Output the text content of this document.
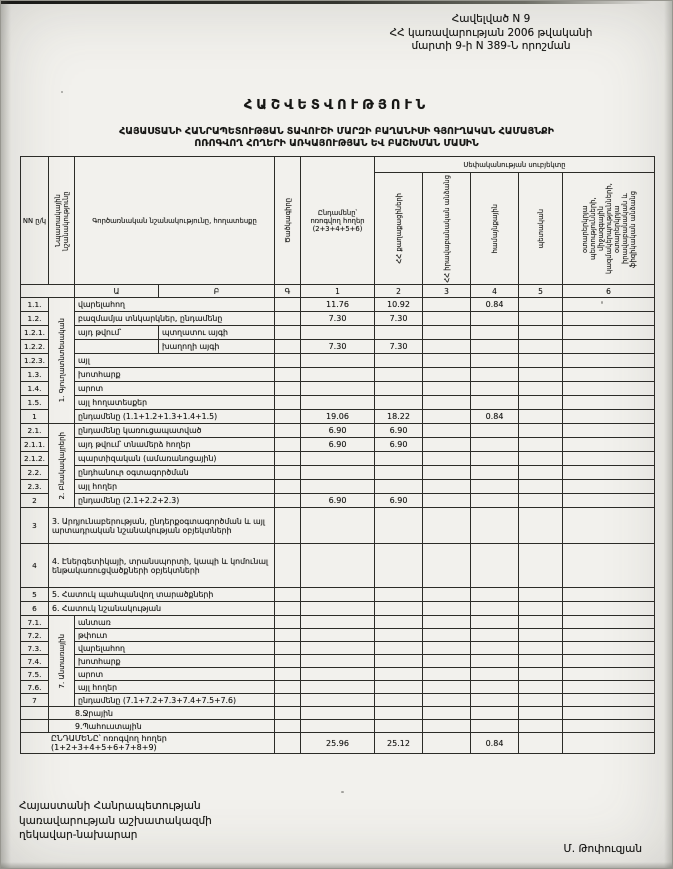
Հավելված N 9
ՀՀ կառավարության 2006 թվականի
մարտի 9-ի N 389-Ն որոշման
ՀԱՇՎԵՏՎՈՒԹՅՈՒՆ
ՀԱՅԱՍՏԱՆԻ ՀԱՆՐԱՊԵՏՈՒԹՅԱՆ ՏԱՎՈՒՇԻ ՄԱՐԶԻ ԲԱՂԱՆԻՍԻ ԳՅՈՒՂԱԿԱՆ ՀԱՄԱՅՆՔԻ
ՈՌՈԳՎՈՂ ՀՈՂԵՐԻ ԱՌԿԱՅՈՒԹՅԱՆ ԵՎ ԲԱՇԽՄԱՆ ՄԱՍԻՆ
NN ը/կ	Նպատակային նշանակությունը	Գործառնական նշանակությունը, հողատեսքը		Ծածկագիրը	Ընդամենը՝ ոռոգվող հողեր (2+3+4+5+6)	Սեփականության սուբյեկտը				

						ՀՀ քաղաքացիների	ՀՀ իրավաբանական անձանց	համայնքային	պետական	օտարերկրյա պետությունների, միջազգային կազմակերպությունների, օտարերկրյա իրավաբանական և ֆիզիկական անձանց

		Ա	Բ	Գ	1	2	3	4	5	6
1.1.	1. Գյուղատնտեսական	վարելահող			11.76	10.92		0.84		
1.2.		բազմամյա տնկարկներ, ընդամենը			7.30	7.30				
1.2.1.		այդ թվում՝	պտղատու այգի							
1.2.2.			խաղողի այգի		7.30	7.30				
1.2.3.		այլ								
1.3.		խոտհարք								
1.4.		արոտ								
1.5.		այլ հողատեսքեր								
1		ընդամենը (1.1+1.2+1.3+1.4+1.5)			19.06	18.22		0.84		
2.1.	2. Բնակավայրերի	ընդամենը կառուցապատված			6.90	6.90				
2.1.1.		այդ թվում՝ տնամերձ հողեր			6.90	6.90				
2.1.2.		պարտիզական (ամառանոցային)								
2.2.		ընդհանուր օգտագործման								
2.3.		այլ հողեր								
2		ընդամենը (2.1+2.2+2.3)			6.90	6.90				
3	3. Արդյունաբերության, ընդերքօգտագործման և այլ արտադրական նշանակության օբյեկտների									
4	4. Էներգետիկայի, տրանսպորտի, կապի և կոմունալ ենթակառուցվածքների օբյեկտների									
5	5. Հատուկ պահպանվող տարածքների									
6	6. Հատուկ նշանակության									
7.1.	7. Անտառային	անտառ								
7.2.		թփուտ								
7.3.		վարելահող								
7.4.		խոտհարք								
7.5.		արոտ								
7.6.		այլ հողեր								
7		ընդամենը (7.1+7.2+7.3+7.4+7.5+7.6)								
	8.Ջրային									
	9.Պահուստային									
ԸՆԴԱՄԵՆԸ՝ ոռոգվող հողեր (1+2+3+4+5+6+7+8+9)					25.96	25.12		0.84		
Հայաստանի Հանրապետության
կառավարության աշխատակազմի
ղեկավար-նախարար
Մ. Թոփուզյան
